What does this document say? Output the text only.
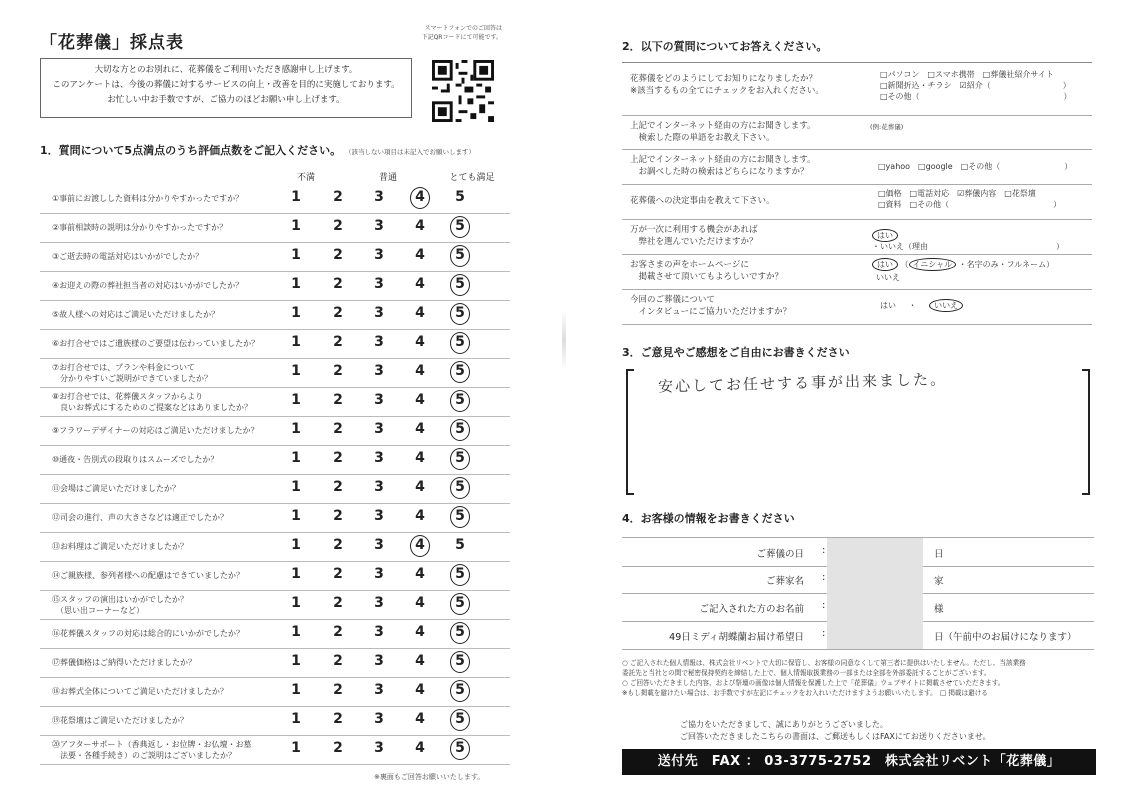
「花葬儀」採点表
スマートフォンでのご回答は
下記QRコードにて可能です。
大切な方とのお別れに、花葬儀をご利用いただき感謝申し上げます。
このアンケートは、今後の葬儀に対するサービスの向上・改善を目的に実施しております。
お忙しい中お手数ですが、ご協力のほどお願い申し上げます。
1．質問について5点満点のうち評価点数をご記入ください。 （該当しない項目は未記入でお願いします）
不満	普通	とても満足
①事前にお渡しした資料は分かりやすかったですか？	1	2	3	4	5
②事前相談時の説明は分かりやすかったですか？	1	2	3	4	5
③ご逝去時の電話対応はいかがでしたか？	1	2	3	4	5
④お迎えの際の葬社担当者の対応はいかがでしたか？	1	2	3	4	5
⑤故人様への対応はご満足いただけましたか？	1	2	3	4	5
⑥お打合せではご遺族様のご要望は伝わっていましたか？	1	2	3	4	5
⑦お打合せでは、プランや料金について
　分かりやすいご説明ができていましたか？	1	2	3	4	5
⑧お打合せでは、花葬儀スタッフからより
　良いお葬式にするためのご提案などはありましたか？	1	2	3	4	5
⑨フラワーデザイナーの対応はご満足いただけましたか？	1	2	3	4	5
⑩通夜・告別式の段取りはスムーズでしたか？	1	2	3	4	5
⑪会場はご満足いただけましたか？	1	2	3	4	5
⑫司会の進行、声の大きさなどは適正でしたか？	1	2	3	4	5
⑬お料理はご満足いただけましたか？	1	2	3	4	5
⑭ご親族様、参列者様への配慮はできていましたか？	1	2	3	4	5
⑮スタッフの演出はいかがでしたか？
　（思い出コーナーなど）	1	2	3	4	5
⑯花葬儀スタッフの対応は総合的にいかがでしたか？	1	2	3	4	5
⑰葬儀価格はご納得いただけましたか？	1	2	3	4	5
⑱お葬式全体についてご満足いただけましたか？	1	2	3	4	5
⑲花祭壇はご満足いただけましたか？	1	2	3	4	5
⑳アフターサポート（香典返し・お位牌・お仏壇・お墓
　法要・各種手続き）のご説明はございましたか？	1	2	3	4	5
※裏面もご回答お願いいたします。
2．以下の質問についてお答えください。
花葬儀をどのようにしてお知りになりましたか？
※該当するもの全てにチェックをお入れください。
□パソコン　□スマホ携帯　□葬儀社紹介サイト
□新聞折込・チラシ　☑紹介（　　　　　　　　　）
□その他（　　　　　　　　　　　　　　　　　　）
上記でインターネット経由の方にお聞きします。
　検索した際の単語をお教え下さい。
(例:花葬儀)
上記でインターネット経由の方にお聞きします。
　お調べした時の検索はどちらになりますか？
□yahoo　□google　□その他（　　　　　　　　）
花葬儀への決定事由を教えて下さい。
□価格　□電話対応　☑葬儀内容　□花祭壇
□資料　□その他（　　　　　　　　　　　　　）
万が一次に利用する機会があれば
　弊社を選んでいただけますか？
はい ・いいえ（理由　　　　　　　　　　　　　　　　）
お客さまの声をホームページに
　掲載させて頂いてもよろしいですか？
はい （ イニシャル ・名字のみ・フルネーム）
いいえ
今回のご葬儀について
　インタビューにご協力いただけますか？
はい ・ いいえ
3．ご意見やご感想をご自由にお書きください
安心してお任せする事が出来ました。
4．お客様の情報をお書きください
ご葬儀の日 :	日
ご葬家名 :	家
ご記入された方のお名前 :	様
49日ミディ胡蝶蘭お届け希望日 :	日（午前中のお届けになります）
○ ご記入された個人情報は、株式会社リベントで大切に保管し、お客様の同意なくして第三者に提供はいたしません。ただし、当該業務
委託先と当社との間で秘密保持契約を締結した上で、個人情報取扱業務の一部または全部を外部委託することがございます。
○ ご回答いただきました内容、および祭壇の画像は個人情報を保護した上で「花葬儀」ウェブサイトに掲載させていただきます。
※もし掲載を避けたい場合は、お手数ですが左記にチェックをお入れいただけますようお願いいたします。　□ 掲載は避ける
ご協力をいただきまして、誠にありがとうございました。
ご回答いただきましたこちらの書面は、ご郵送もしくはFAXにてお送りくださいませ。
送付先　FAX ： 03-3775-2752　株式会社リベント「花葬儀」
